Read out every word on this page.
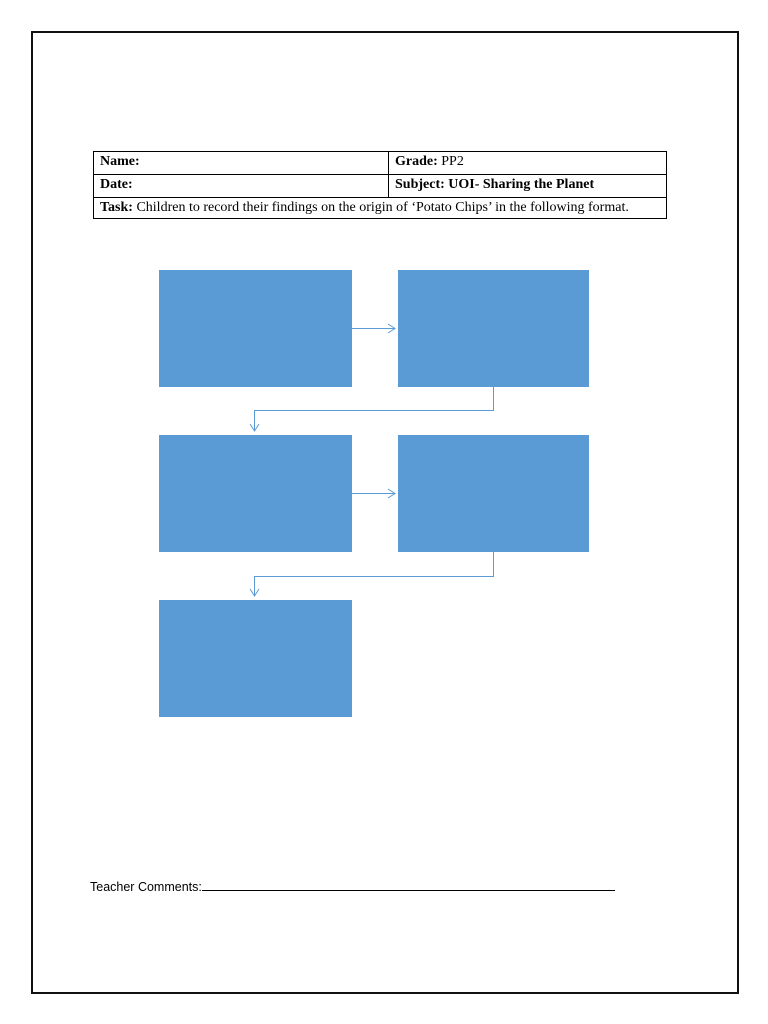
Name:	Grade: PP2
Date:	Subject: UOI- Sharing the Planet
Task: Children to record their findings on the origin of ‘Potato Chips’ in the following format.	
Teacher Comments:
